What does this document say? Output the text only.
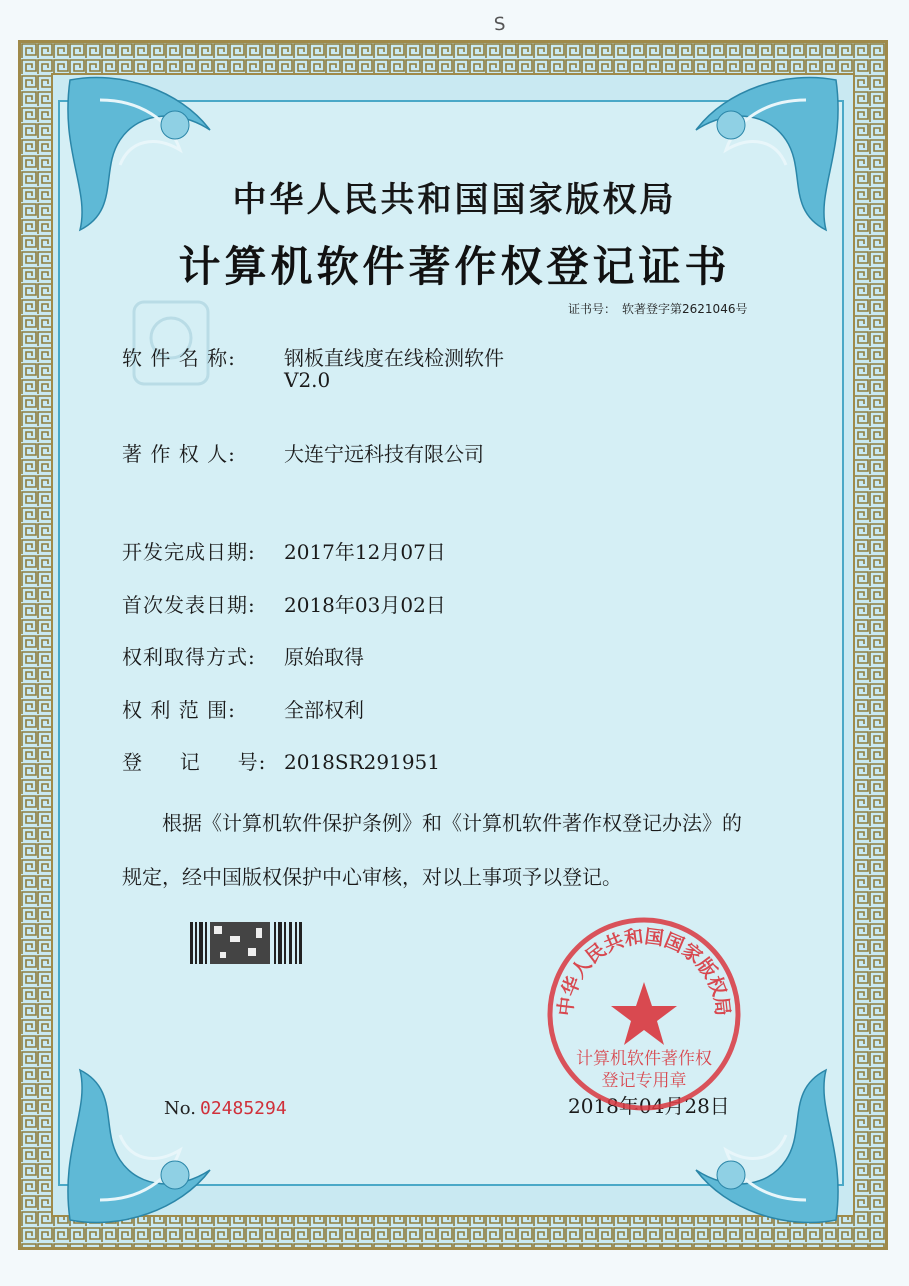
S
中华人民共和国国家版权局
计算机软件著作权登记证书
证书号： 软著登字第2621046号
软 件 名 称: 钢板直线度在线检测软件
V2.0
著 作 权 人: 大连宁远科技有限公司
开发完成日期: 2017年12月07日
首次发表日期: 2018年03月02日
权利取得方式: 原始取得
权 利 范 围: 全部权利
登     记     号: 2018SR291951

根据《计算机软件保护条例》和《计算机软件著作权登记办法》的

规定，经中国版权保护中心审核，对以上事项予以登记。

No. 02485294	2018年04月28日
中华人民共和国国家版权局
计算机软件著作权
登记专用章
